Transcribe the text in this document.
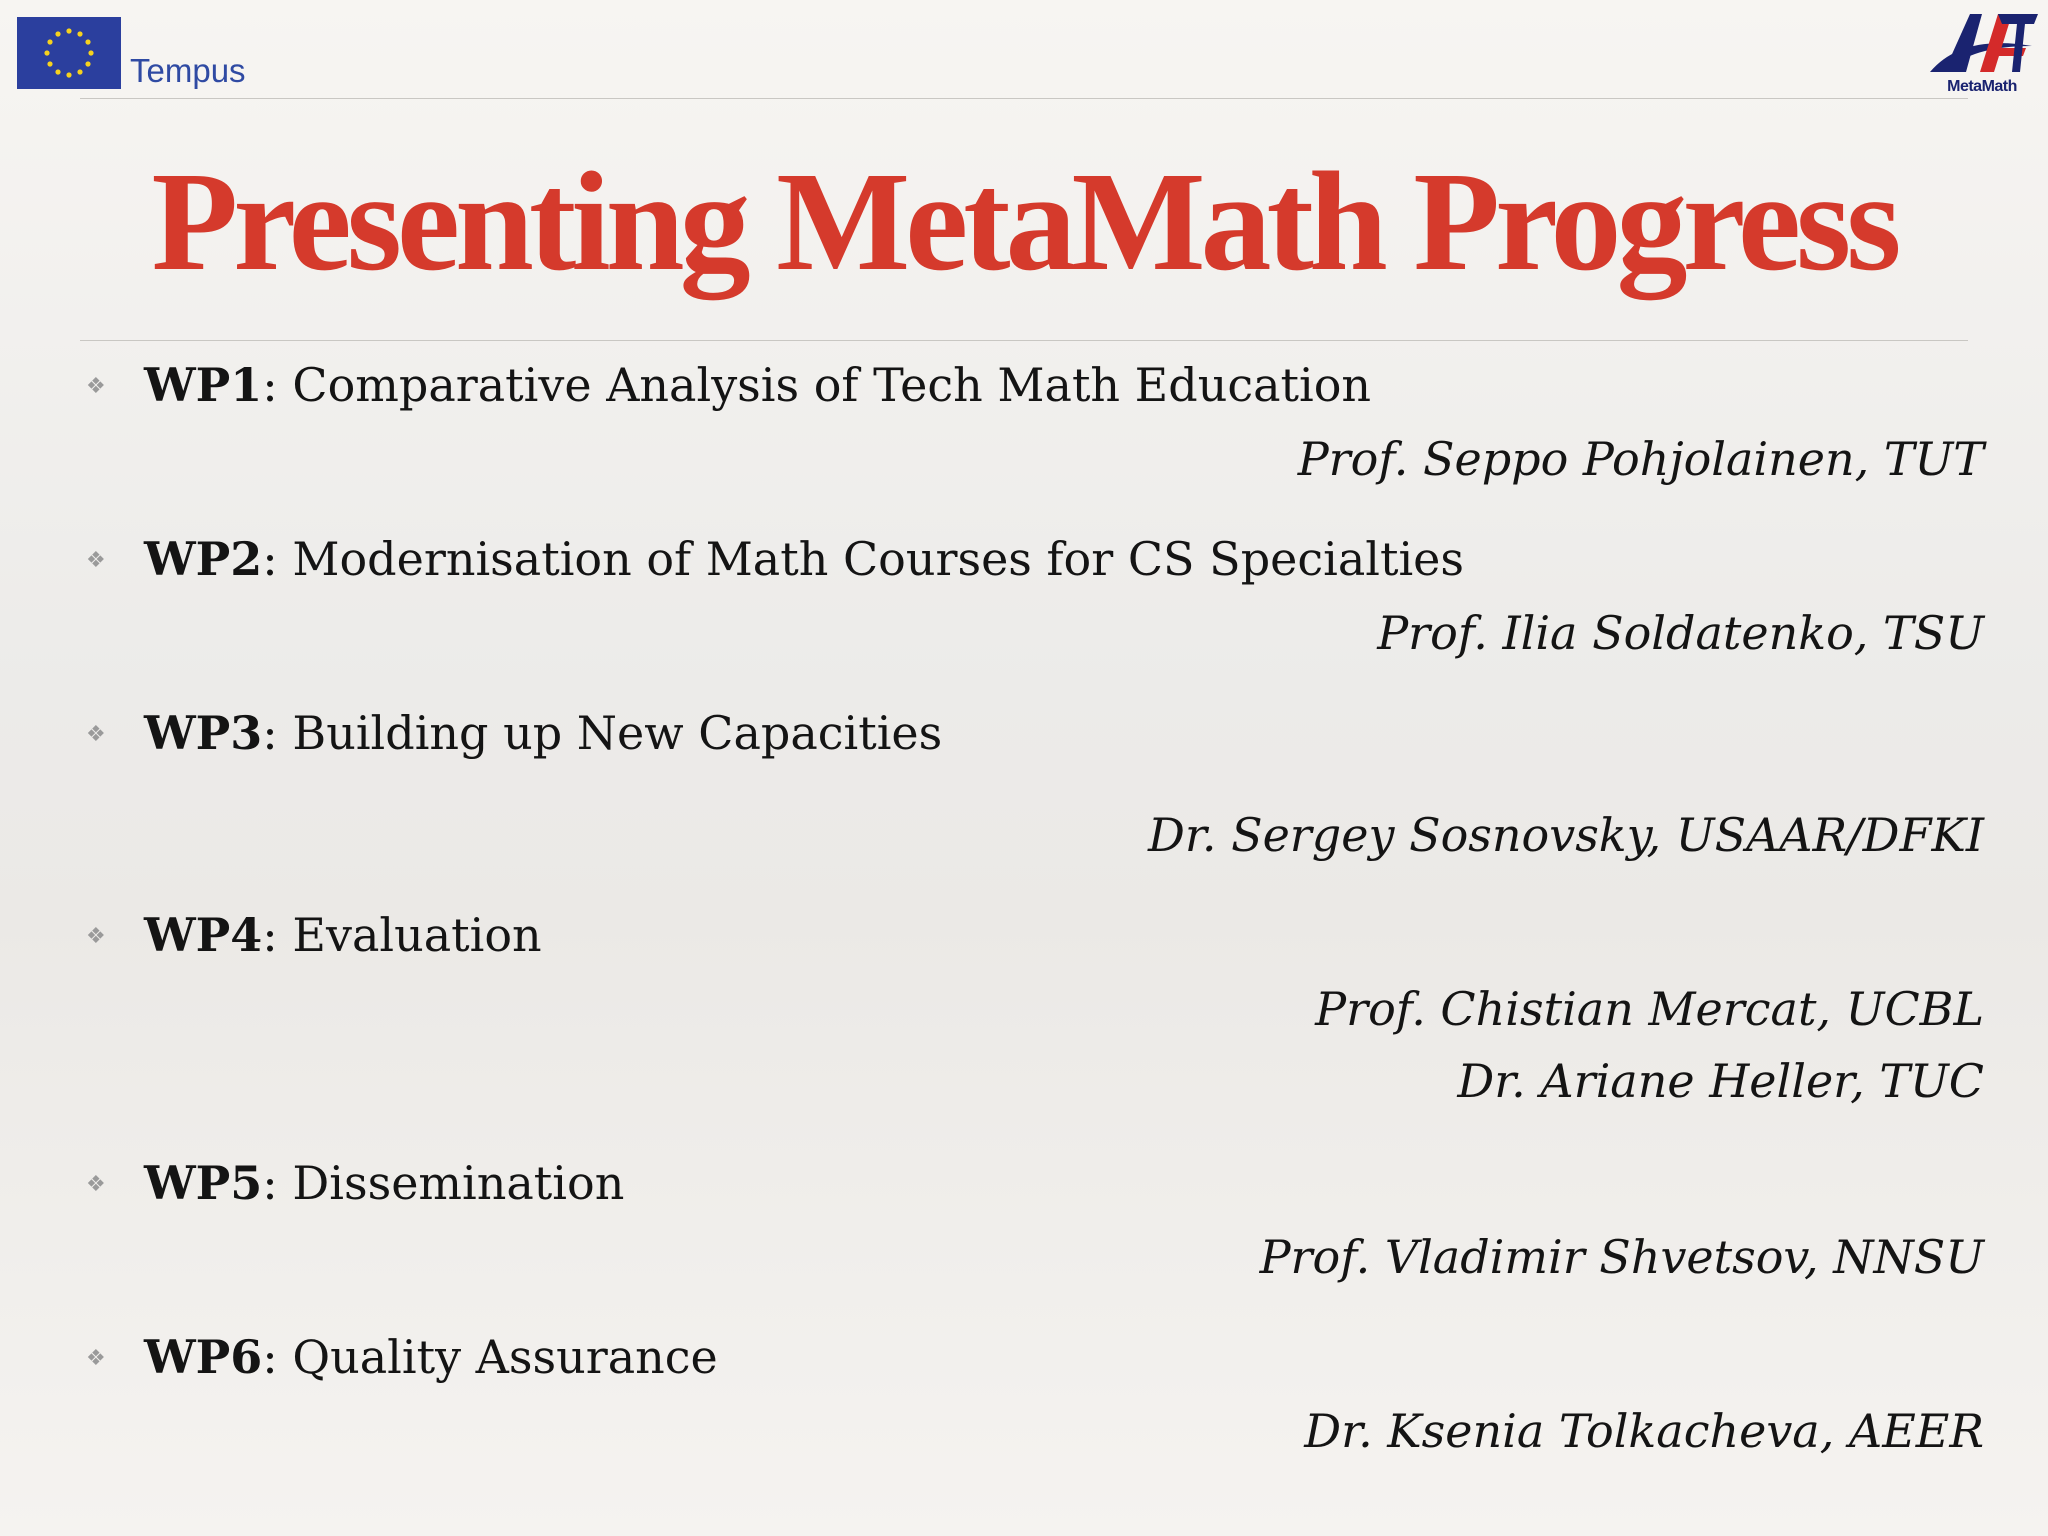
Tempus	MetaMath
Presenting MetaMath Progress
❖ WP1: Comparative Analysis of Tech Math Education
Prof. Seppo Pohjolainen, TUT
❖ WP2: Modernisation of Math Courses for CS Specialties
Prof. Ilia Soldatenko, TSU
❖ WP3: Building up New Capacities
Dr. Sergey Sosnovsky, USAAR/DFKI
❖ WP4: Evaluation
Prof. Chistian Mercat, UCBL
Dr. Ariane Heller, TUC
❖ WP5: Dissemination
Prof. Vladimir Shvetsov, NNSU
❖ WP6: Quality Assurance
Dr. Ksenia Tolkacheva, AEER
